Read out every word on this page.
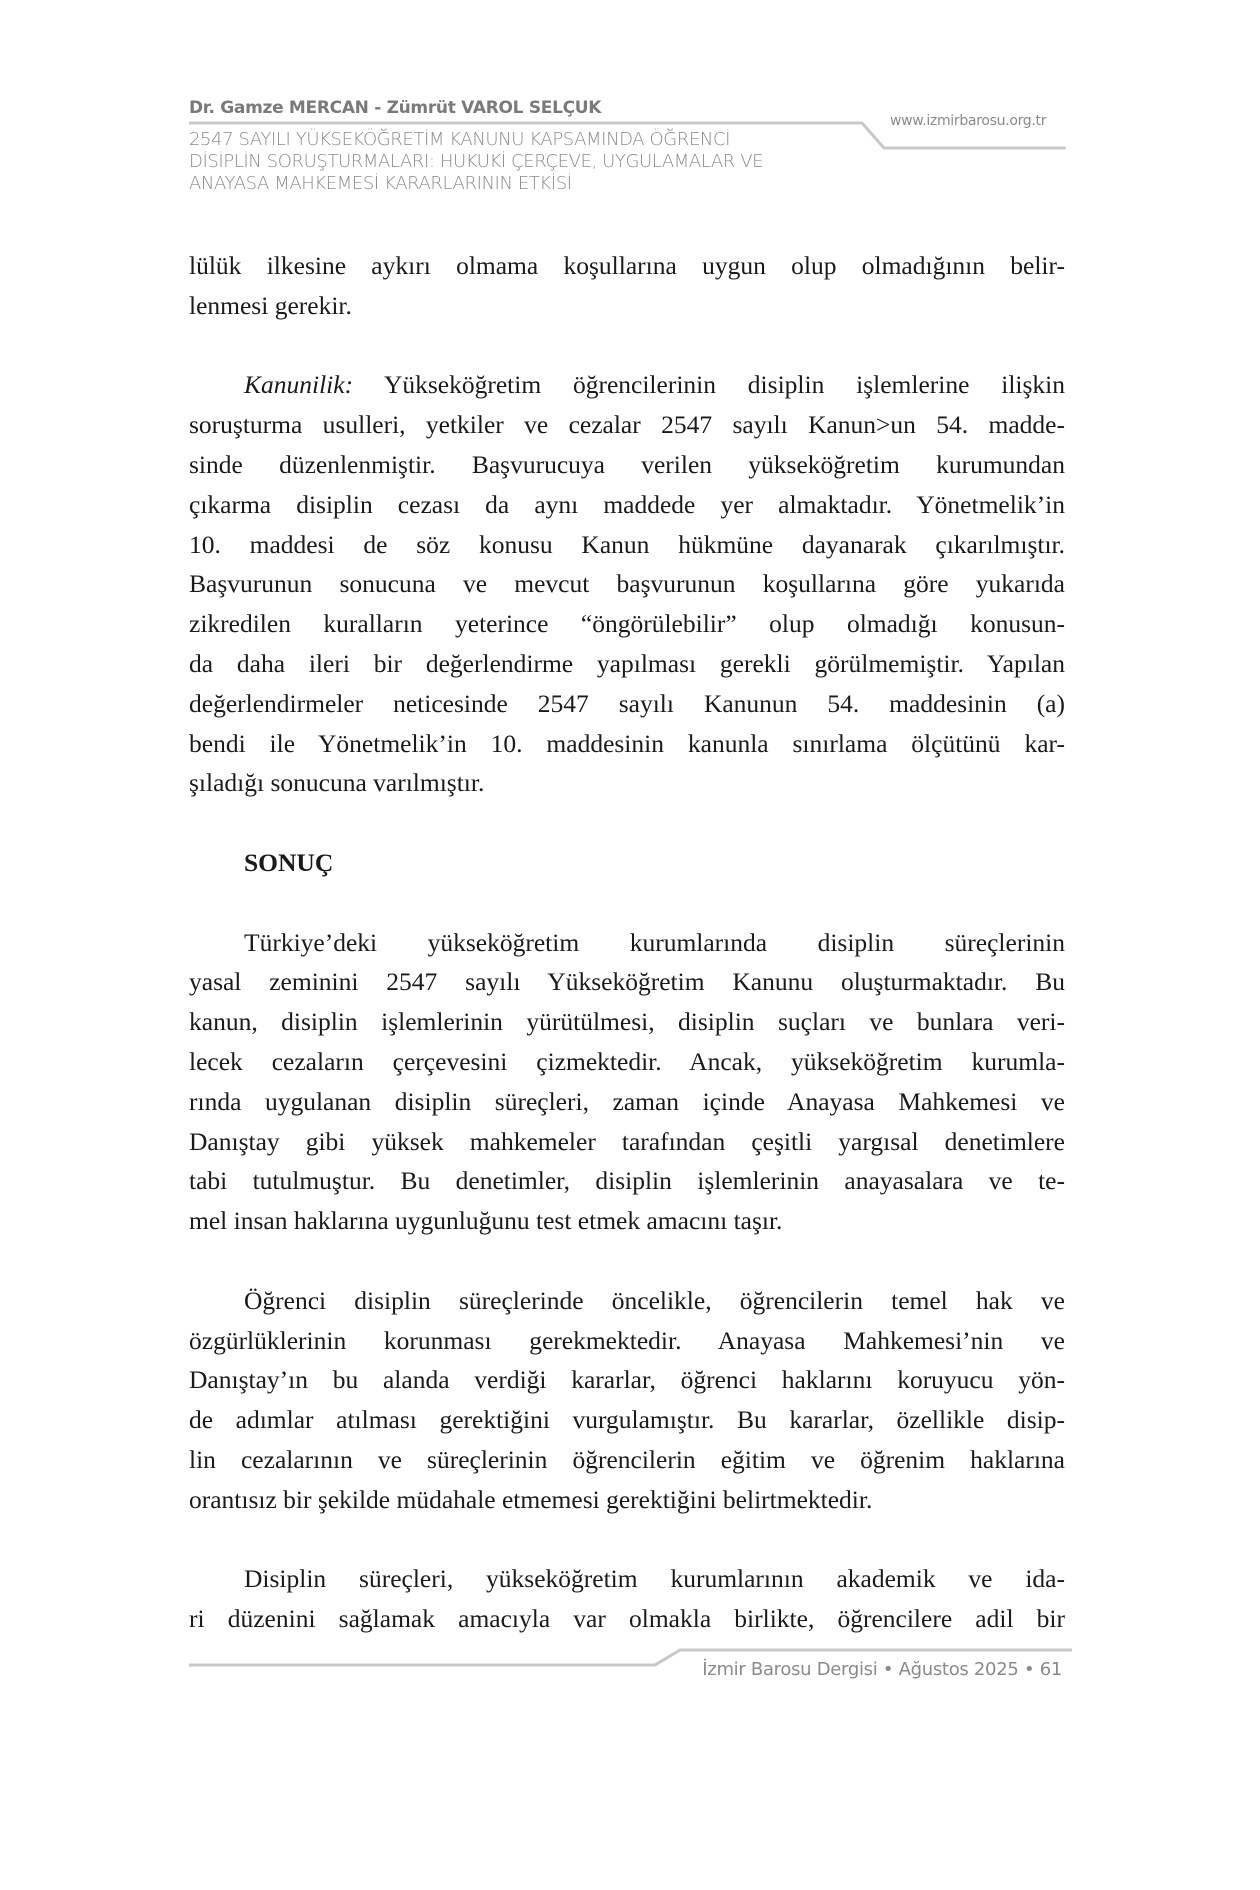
Dr. Gamze MERCAN - Zümrüt VAROL SELÇUK
2547 SAYILI YÜKSEKÖĞRETİM KANUNU KAPSAMINDA ÖĞRENCİ
DİSİPLİN SORUŞTURMALARI: HUKUKİ ÇERÇEVE, UYGULAMALAR VE
ANAYASA MAHKEMESİ KARARLARININ ETKİSİ
www.izmirbarosu.org.tr
lülük ilkesine aykırı olmama koşullarına uygun olup olmadığının belir-
lenmesi gerekir.
Kanunilik: Yükseköğretim öğrencilerinin disiplin işlemlerine ilişkin
soruşturma usulleri, yetkiler ve cezalar 2547 sayılı Kanun>un 54. madde-
sinde düzenlenmiştir. Başvurucuya verilen yükseköğretim kurumundan
çıkarma disiplin cezası da aynı maddede yer almaktadır. Yönetmelik’in
10. maddesi de söz konusu Kanun hükmüne dayanarak çıkarılmıştır.
Başvurunun sonucuna ve mevcut başvurunun koşullarına göre yukarıda
zikredilen kuralların yeterince “öngörülebilir” olup olmadığı konusun-
da daha ileri bir değerlendirme yapılması gerekli görülmemiştir. Yapılan
değerlendirmeler neticesinde 2547 sayılı Kanunun 54. maddesinin (a)
bendi ile Yönetmelik’in 10. maddesinin kanunla sınırlama ölçütünü kar-
şıladığı sonucuna varılmıştır.
SONUÇ
Türkiye’deki yükseköğretim kurumlarında disiplin süreçlerinin
yasal zeminini 2547 sayılı Yükseköğretim Kanunu oluşturmaktadır. Bu
kanun, disiplin işlemlerinin yürütülmesi, disiplin suçları ve bunlara veri-
lecek cezaların çerçevesini çizmektedir. Ancak, yükseköğretim kurumla-
rında uygulanan disiplin süreçleri, zaman içinde Anayasa Mahkemesi ve
Danıştay gibi yüksek mahkemeler tarafından çeşitli yargısal denetimlere
tabi tutulmuştur. Bu denetimler, disiplin işlemlerinin anayasalara ve te-
mel insan haklarına uygunluğunu test etmek amacını taşır.
Öğrenci disiplin süreçlerinde öncelikle, öğrencilerin temel hak ve
özgürlüklerinin korunması gerekmektedir. Anayasa Mahkemesi’nin ve
Danıştay’ın bu alanda verdiği kararlar, öğrenci haklarını koruyucu yön-
de adımlar atılması gerektiğini vurgulamıştır. Bu kararlar, özellikle disip-
lin cezalarının ve süreçlerinin öğrencilerin eğitim ve öğrenim haklarına
orantısız bir şekilde müdahale etmemesi gerektiğini belirtmektedir.
Disiplin süreçleri, yükseköğretim kurumlarının akademik ve ida-
ri düzenini sağlamak amacıyla var olmakla birlikte, öğrencilere adil bir
İzmir Barosu Dergisi • Ağustos 2025 • 61
